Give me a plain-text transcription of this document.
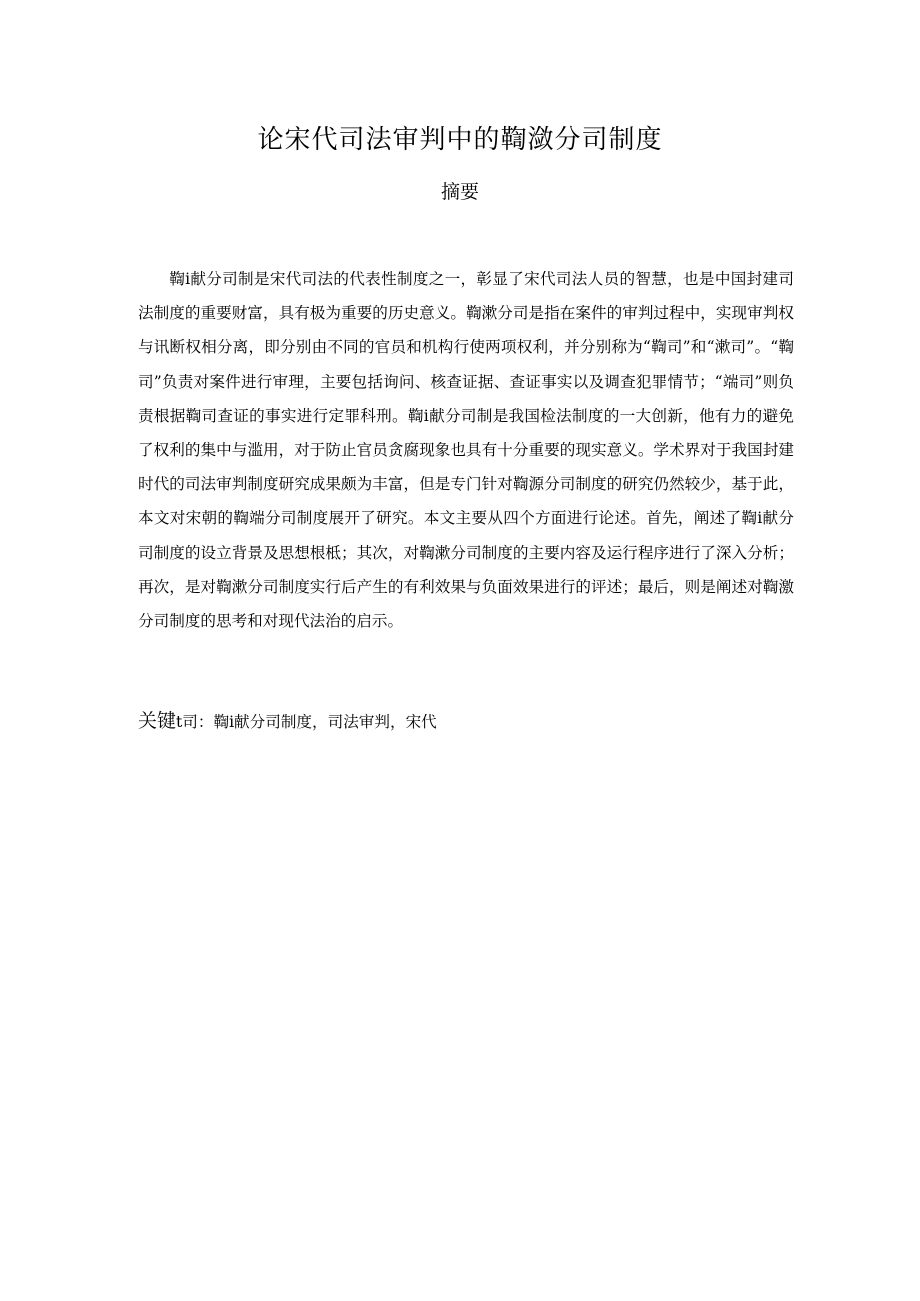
论宋代司法审判中的鞫潋分司制度
摘要

鞫i献分司制是宋代司法的代表性制度之一，彰显了宋代司法人员的智慧，也是中国封建司法制度的重要财富，具有极为重要的历史意义。鞫漱分司是指在案件的审判过程中，实现审判权与讯断权相分离，即分别由不同的官员和机构行使两项权利，并分别称为“鞫司”和“漱司”。“鞫司”负责对案件进行审理，主要包括询问、核查证据、查证事实以及调查犯罪情节；“端司”则负责根据鞫司查证的事实进行定罪科刑。鞫i献分司制是我国检法制度的一大创新，他有力的避免了权利的集中与滥用，对于防止官员贪腐现象也具有十分重要的现实意义。学术界对于我国封建时代的司法审判制度研究成果颇为丰富，但是专门针对鞫源分司制度的研究仍然较少，基于此，本文对宋朝的鞫端分司制度展开了研究。本文主要从四个方面进行论述。首先，阐述了鞫i献分司制度的设立背景及思想根柢；其次，对鞫漱分司制度的主要内容及运行程序进行了深入分析；再次，是对鞫漱分司制度实行后产生的有利效果与负面效果进行的评述；最后，则是阐述对鞫激分司制度的思考和对现代法治的启示。

关键t司：鞫i献分司制度，司法审判，宋代
